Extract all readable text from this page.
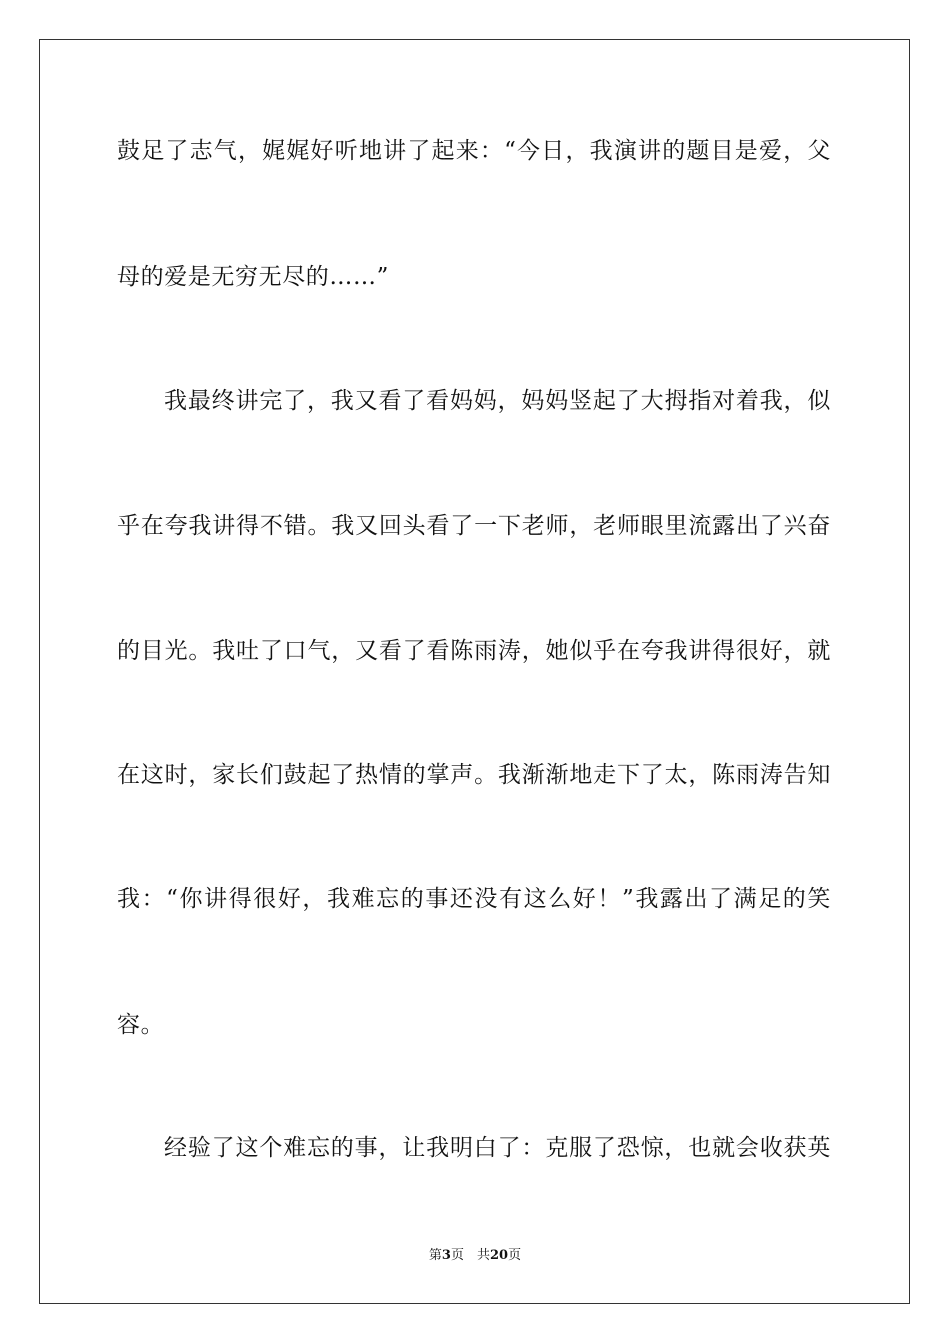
鼓足了志气，娓娓好听地讲了起来：“今日，我演讲的题目是爱，父
母的爱是无穷无尽的……”
我最终讲完了，我又看了看妈妈，妈妈竖起了大拇指对着我，似
乎在夸我讲得不错。我又回头看了一下老师，老师眼里流露出了兴奋
的目光。我吐了口气，又看了看陈雨涛，她似乎在夸我讲得很好，就
在这时，家长们鼓起了热情的掌声。我渐渐地走下了太，陈雨涛告知
我：“你讲得很好，我难忘的事还没有这么好！”我露出了满足的笑
容。
经验了这个难忘的事，让我明白了：克服了恐惊，也就会收获英
第3页　共20页
